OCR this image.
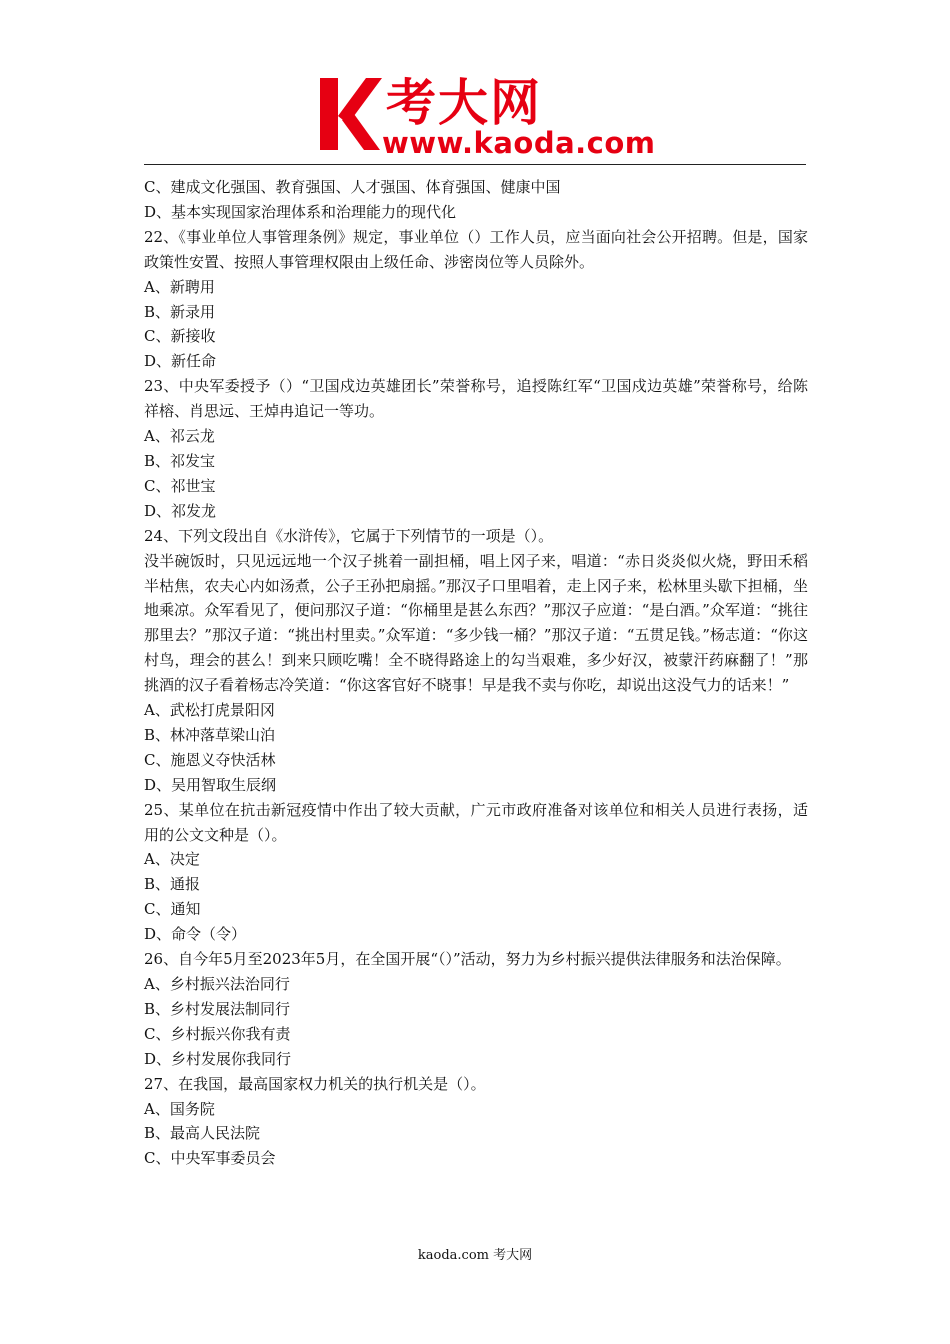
考大网
www.kaoda.com

C、建成文化强国、教育强国、人才强国、体育强国、健康中国

D、基本实现国家治理体系和治理能力的现代化

22、《事业单位人事管理条例》规定，事业单位（）工作人员，应当面向社会公开招聘。但是，国家政策性安置、按照人事管理权限由上级任命、涉密岗位等人员除外。

A、新聘用

B、新录用

C、新接收

D、新任命

23、中央军委授予（）“卫国戍边英雄团长”荣誉称号，追授陈红军“卫国戍边英雄”荣誉称号，给陈祥榕、肖思远、王焯冉追记一等功。

A、祁云龙

B、祁发宝

C、祁世宝

D、祁发龙

24、下列文段出自《水浒传》，它属于下列情节的一项是（）。

没半碗饭时，只见远远地一个汉子挑着一副担桶，唱上冈子来，唱道：“赤日炎炎似火烧，野田禾稻半枯焦，农夫心内如汤煮，公子王孙把扇摇。”那汉子口里唱着，走上冈子来，松林里头歇下担桶，坐地乘凉。众军看见了，便问那汉子道：“你桶里是甚么东西？”那汉子应道：“是白酒。”众军道：“挑往那里去？”那汉子道：“挑出村里卖。”众军道：“多少钱一桶？”那汉子道：“五贯足钱。”杨志道：“你这村鸟，理会的甚么！到来只顾吃嘴！全不晓得路途上的勾当艰难，多少好汉，被蒙汗药麻翻了！”那挑酒的汉子看着杨志冷笑道：“你这客官好不晓事！早是我不卖与你吃，却说出这没气力的话来！”

A、武松打虎景阳冈

B、林冲落草梁山泊

C、施恩义夺快活林

D、吴用智取生辰纲

25、某单位在抗击新冠疫情中作出了较大贡献，广元市政府准备对该单位和相关人员进行表扬，适用的公文文种是（）。

A、决定

B、通报

C、通知

D、命令（令）

26、自今年5月至2023年5月，在全国开展“（）”活动，努力为乡村振兴提供法律服务和法治保障。

A、乡村振兴法治同行

B、乡村发展法制同行

C、乡村振兴你我有责

D、乡村发展你我同行

27、在我国，最高国家权力机关的执行机关是（）。

A、国务院

B、最高人民法院

C、中央军事委员会

kaoda.com 考大网
